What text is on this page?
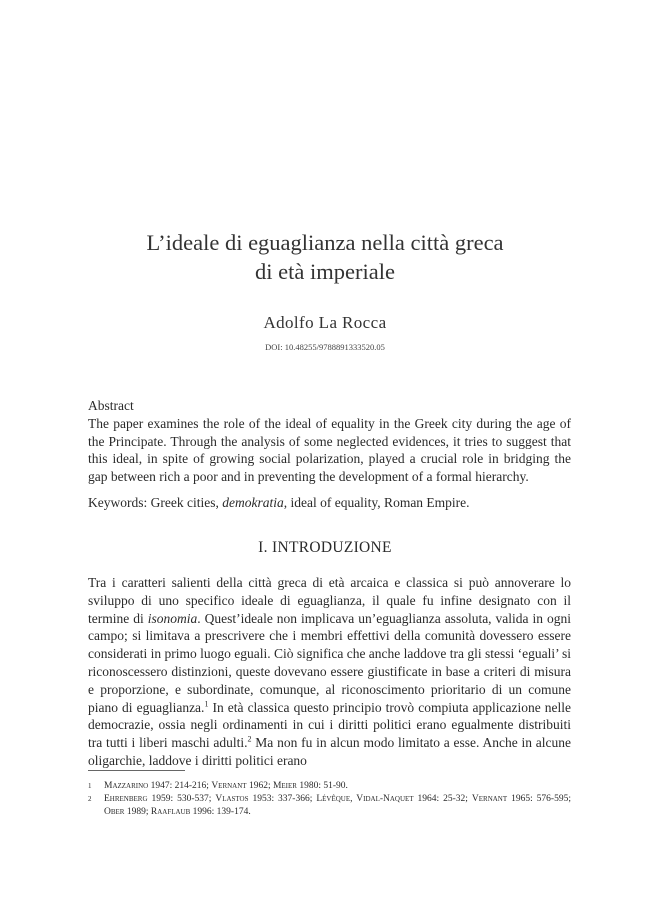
L’ideale di eguaglianza nella città greca
di età imperiale
Adolfo La Rocca
DOI: 10.48255/9788891333520.05
Abstract

The paper examines the role of the ideal of equality in the Greek city during the age of the Principate. Through the analysis of some neglected evidences, it tries to suggest that this ideal, in spite of growing social polarization, played a crucial role in bridging the gap between rich a poor and in preventing the development of a formal hierarchy.

Keywords: Greek cities, demokratia, ideal of equality, Roman Empire.
I. INTRODUZIONE

Tra i caratteri salienti della città greca di età arcaica e classica si può annoverare lo sviluppo di uno specifico ideale di eguaglianza, il quale fu infine designato con il termine di isonomia. Quest’ideale non implicava un’eguaglianza assoluta, valida in ogni campo; si limitava a prescrivere che i membri effettivi della comunità dovessero essere considerati in primo luogo eguali. Ciò significa che anche laddove tra gli stessi ‘eguali’ si riconoscessero distinzioni, queste dovevano essere giustificate in base a criteri di misura e proporzione, e subordinate, comunque, al riconoscimento prioritario di un comune piano di eguaglianza.$^1$ In età classica questo principio trovò compiuta applicazione nelle democrazie, ossia negli ordinamenti in cui i diritti politici erano egualmente distribuiti tra tutti i liberi maschi adulti.$^2$ Ma non fu in alcun modo limitato a esse. Anche in alcune oligarchie, laddove i diritti politici erano

1	Mazzarino 1947: 214-216; Vernant 1962; Meier 1980: 51-90.
2	Ehrenberg 1959: 530-537; Vlastos 1953: 337-366; Lévêque, Vidal-Naquet 1964: 25-32; Vernant 1965: 576-595; Ober 1989; Raaflaub 1996: 139-174.
